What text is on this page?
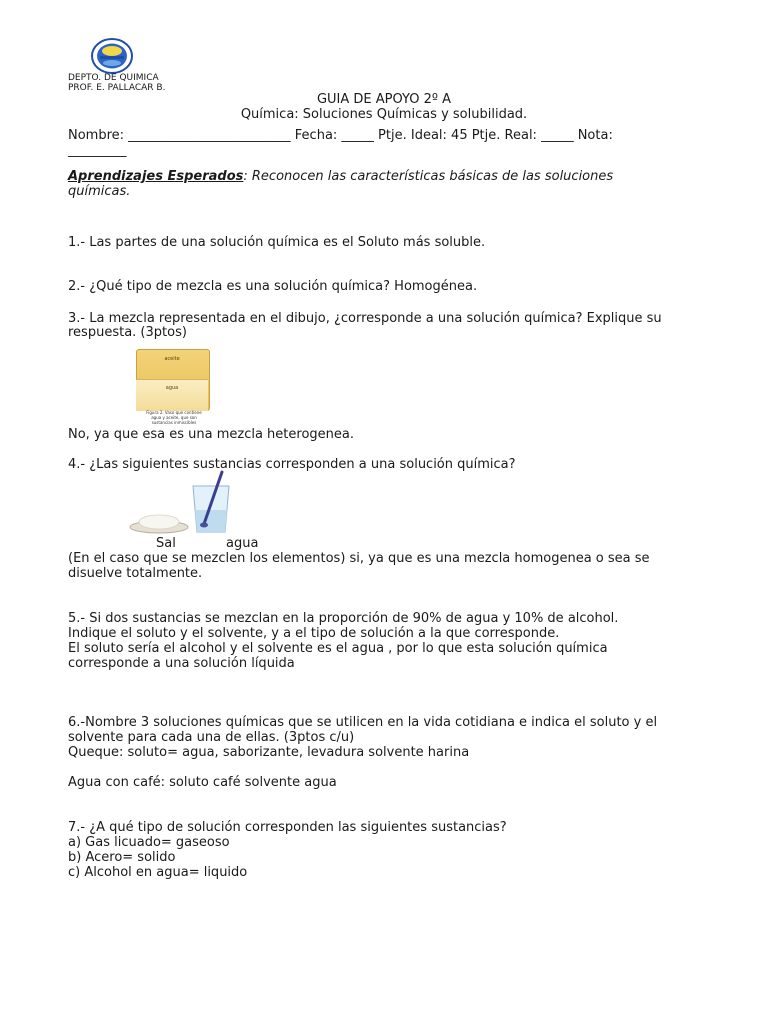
DEPTO. DE QUIMICA
PROF. E. PALLACAR B.
GUIA DE APOYO 2º A
Química: Soluciones Químicas y solubilidad.
Nombre: _________________________ Fecha: _____ Ptje. Ideal: 45 Ptje. Real: _____ Nota:
_________
Aprendizajes Esperados: Reconocen las características básicas de las soluciones
químicas.
1.- Las partes de una solución química es el Soluto más soluble.
2.- ¿Qué tipo de mezcla es una solución química? Homogénea.
3.- La mezcla representada en el dibujo, ¿corresponde a una solución química? Explique su
respuesta. (3ptos)
aceite
agua
Figura 2. Vaso que contiene agua y aceite, que son sustancias inmiscibles
No, ya que esa es una mezcla heterogenea.
4.- ¿Las siguientes sustancias corresponden a una solución química?
Sal	agua
(En el caso que se mezclen los elementos) si, ya que es una mezcla homogenea o sea se
disuelve totalmente.
5.- Si dos sustancias se mezclan en la proporción de 90% de agua y 10% de alcohol.
Indique el soluto y el solvente, y a el tipo de solución a la que corresponde.
El soluto sería el alcohol y el solvente es el agua , por lo que esta solución química
corresponde a una solución líquida
6.-Nombre 3 soluciones químicas que se utilicen en la vida cotidiana e indica el soluto y el
solvente para cada una de ellas. (3ptos c/u)
Queque: soluto= agua, saborizante, levadura solvente harina
Agua con café: soluto café solvente agua
7.- ¿A qué tipo de solución corresponden las siguientes sustancias?
a) Gas licuado= gaseoso
b) Acero= solido
c) Alcohol en agua= liquido
